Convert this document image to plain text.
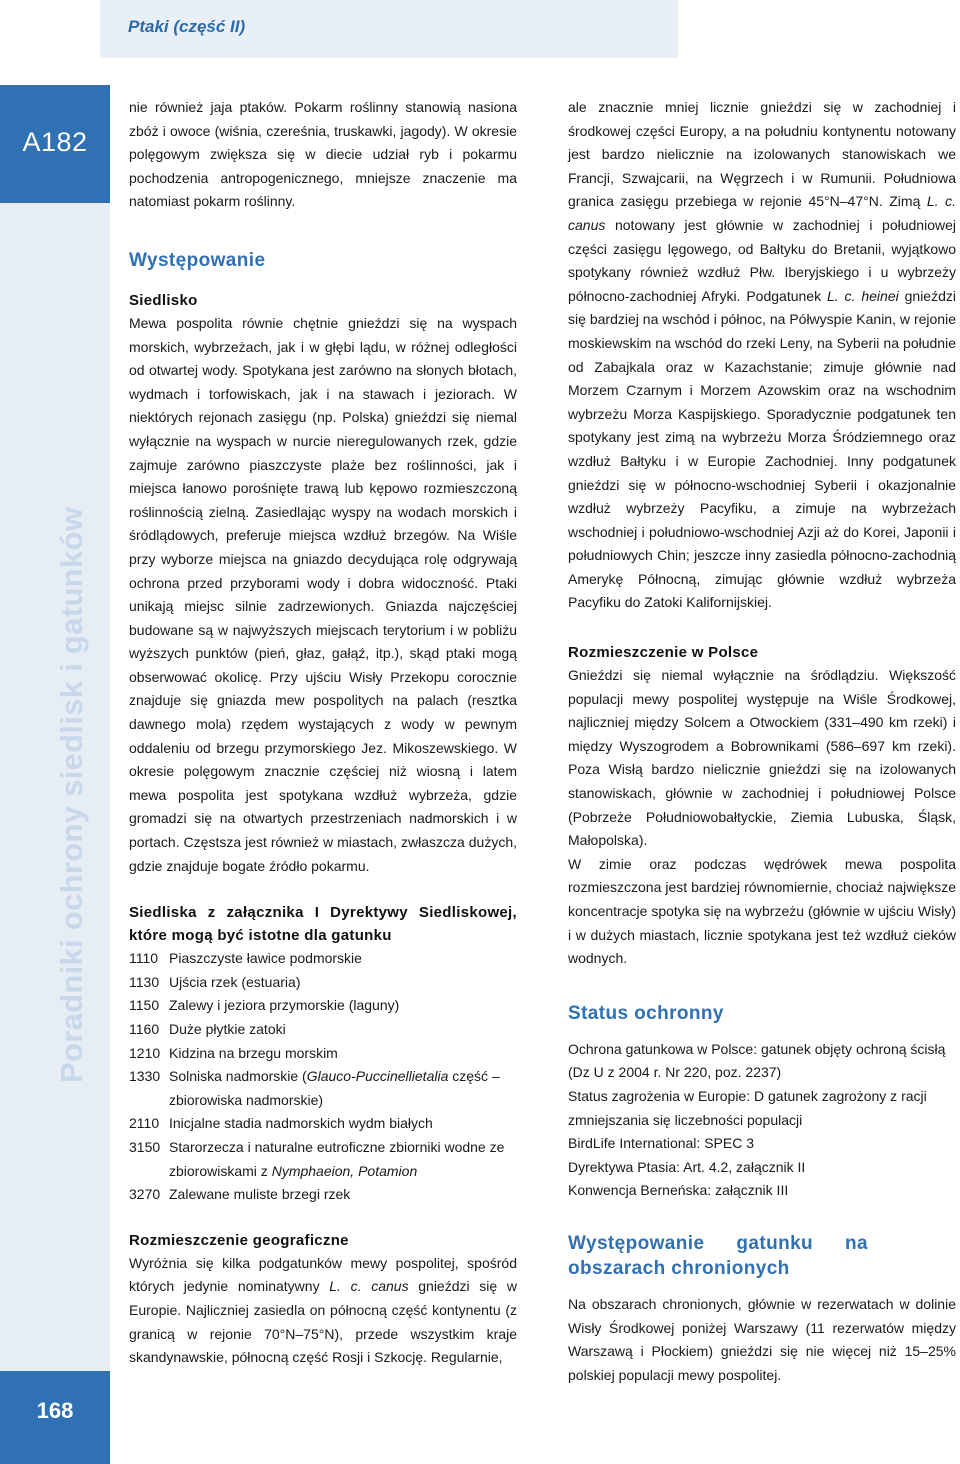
Ptaki (część II)
A182
Poradniki ochrony siedlisk i gatunków
168

nie również jaja ptaków. Pokarm roślinny stanowią nasiona zbóż i owoce (wiśnia, czereśnia, truskawki, jagody). W okresie polęgowym zwiększa się w diecie udział ryb i pokarmu pochodzenia antropogenicznego, mniejsze znaczenie ma natomiast pokarm roślinny.

Występowanie
Siedlisko

Mewa pospolita równie chętnie gnieździ się na wyspach morskich, wybrzeżach, jak i w głębi lądu, w różnej odległości od otwartej wody. Spotykana jest zarówno na słonych błotach, wydmach i torfowiskach, jak i na stawach i jeziorach. W niektórych rejonach zasięgu (np. Polska) gnieździ się niemal wyłącznie na wyspach w nurcie nieregulowanych rzek, gdzie zajmuje zarówno piaszczyste plaże bez roślinności, jak i miejsca łanowo porośnięte trawą lub kępowo rozmieszczoną roślinnością zielną. Zasiedlając wyspy na wodach morskich i śródlądowych, preferuje miejsca wzdłuż brzegów. Na Wiśle przy wyborze miejsca na gniazdo decydująca rolę odgrywają ochrona przed przyborami wody i dobra widoczność. Ptaki unikają miejsc silnie zadrzewionych. Gniazda najczęściej budowane są w najwyższych miejscach terytorium i w pobliżu wyższych punktów (pień, głaz, gałąź, itp.), skąd ptaki mogą obserwować okolicę. Przy ujściu Wisły Przekopu corocznie znajduje się gniazda mew pospolitych na palach (resztka dawnego mola) rzędem wystających z wody w pewnym oddaleniu od brzegu przymorskiego Jez. Mikoszewskiego. W okresie polęgowym znacznie częściej niż wiosną i latem mewa pospolita jest spotykana wzdłuż wybrzeża, gdzie gromadzi się na otwartych przestrzeniach nadmorskich i w portach. Częstsza jest również w miastach, zwłaszcza dużych, gdzie znajduje bogate źródło pokarmu.

Siedliska z załącznika I Dyrektywy Siedliskowej, które mogą być istotne dla gatunku
1110 Piaszczyste ławice podmorskie
1130 Ujścia rzek (estuaria)
1150 Zalewy i jeziora przymorskie (laguny)
1160 Duże płytkie zatoki
1210 Kidzina na brzegu morskim
1330 Solniska nadmorskie (Glauco-Puccinellietalia część – zbiorowiska nadmorskie)
2110 Inicjalne stadia nadmorskich wydm białych
3150 Starorzecza i naturalne eutroficzne zbiorniki wodne ze zbiorowiskami z Nymphaeion, Potamion
3270 Zalewane muliste brzegi rzek
Rozmieszczenie geograficzne

Wyróżnia się kilka podgatunków mewy pospolitej, spośród których jedynie nominatywny L. c. canus gnieździ się w Europie. Najliczniej zasiedla on północną część kontynentu (z granicą w rejonie 70°N–75°N), przede wszystkim kraje skandynawskie, północną część Rosji i Szkocję. Regularnie,

ale znacznie mniej licznie gnieździ się w zachodniej i środkowej części Europy, a na południu kontynentu notowany jest bardzo nielicznie na izolowanych stanowiskach we Francji, Szwajcarii, na Węgrzech i w Rumunii. Południowa granica zasięgu przebiega w rejonie 45°N–47°N. Zimą L. c. canus notowany jest głównie w zachodniej i południowej części zasięgu lęgowego, od Bałtyku do Bretanii, wyjątkowo spotykany również wzdłuż Płw. Iberyjskiego i u wybrzeży północno-zachodniej Afryki. Podgatunek L. c. heinei gnieździ się bardziej na wschód i północ, na Półwyspie Kanin, w rejonie moskiewskim na wschód do rzeki Leny, na Syberii na południe od Zabajkala oraz w Kazachstanie; zimuje głównie nad Morzem Czarnym i Morzem Azowskim oraz na wschodnim wybrzeżu Morza Kaspijskiego. Sporadycznie podgatunek ten spotykany jest zimą na wybrzeżu Morza Śródziemnego oraz wzdłuż Bałtyku i w Europie Zachodniej. Inny podgatunek gnieździ się w północno-wschodniej Syberii i okazjonalnie wzdłuż wybrzeży Pacyfiku, a zimuje na wybrzeżach wschodniej i południowo-wschodniej Azji aż do Korei, Japonii i południowych Chin; jeszcze inny zasiedla północno-zachodnią Amerykę Północną, zimując głównie wzdłuż wybrzeża Pacyfiku do Zatoki Kalifornijskiej.

Rozmieszczenie w Polsce

Gnieździ się niemal wyłącznie na śródlądziu. Większość populacji mewy pospolitej występuje na Wiśle Środkowej, najliczniej między Solcem a Otwockiem (331–490 km rzeki) i między Wyszogrodem a Bobrownikami (586–697 km rzeki). Poza Wisłą bardzo nielicznie gnieździ się na izolowanych stanowiskach, głównie w zachodniej i południowej Polsce (Pobrzeże Południowobałtyckie, Ziemia Lubuska, Śląsk, Małopolska).

W zimie oraz podczas wędrówek mewa pospolita rozmieszczona jest bardziej równomiernie, chociaż największe koncentracje spotyka się na wybrzeżu (głównie w ujściu Wisły) i w dużych miastach, licznie spotykana jest też wzdłuż cieków wodnych.

Status ochronny

Ochrona gatunkowa w Polsce: gatunek objęty ochroną ścisłą (Dz U z 2004 r. Nr 220, poz. 2237)

Status zagrożenia w Europie: D gatunek zagrożony z racji zmniejszania się liczebności populacji

BirdLife International: SPEC 3

Dyrektywa Ptasia: Art. 4.2, załącznik II

Konwencja Berneńska: załącznik III

Występowanie gatunku na obszarach chronionych

Na obszarach chronionych, głównie w rezerwatach w dolinie Wisły Środkowej poniżej Warszawy (11 rezerwatów między Warszawą i Płockiem) gnieździ się nie więcej niż 15–25% polskiej populacji mewy pospolitej.
